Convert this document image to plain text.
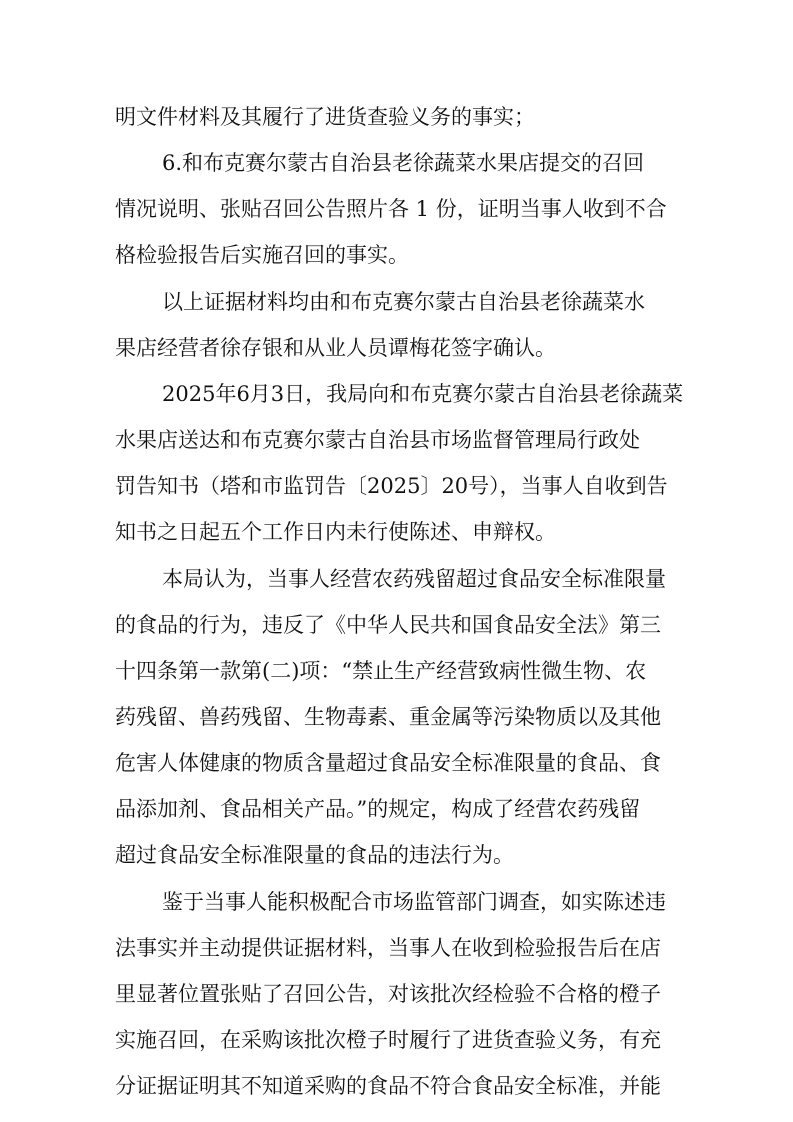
明文件材料及其履行了进货查验义务的事实；
6.和布克赛尔蒙古自治县老徐蔬菜水果店提交的召回
情况说明、张贴召回公告照片各 1 份，证明当事人收到不合
格检验报告后实施召回的事实。
以上证据材料均由和布克赛尔蒙古自治县老徐蔬菜水
果店经营者徐存银和从业人员谭梅花签字确认。
2025年6月3日，我局向和布克赛尔蒙古自治县老徐蔬菜
水果店送达和布克赛尔蒙古自治县市场监督管理局行政处
罚告知书（塔和市监罚告〔2025〕20号），当事人自收到告
知书之日起五个工作日内未行使陈述、申辩权。
本局认为，当事人经营农药残留超过食品安全标准限量
的食品的行为，违反了《中华人民共和国食品安全法》第三
十四条第一款第(二)项：“禁止生产经营致病性微生物、农
药残留、兽药残留、生物毒素、重金属等污染物质以及其他
危害人体健康的物质含量超过食品安全标准限量的食品、食
品添加剂、食品相关产品。”的规定，构成了经营农药残留
超过食品安全标准限量的食品的违法行为。
鉴于当事人能积极配合市场监管部门调查，如实陈述违
法事实并主动提供证据材料，当事人在收到检验报告后在店
里显著位置张贴了召回公告，对该批次经检验不合格的橙子
实施召回，在采购该批次橙子时履行了进货查验义务，有充
分证据证明其不知道采购的食品不符合食品安全标准，并能
